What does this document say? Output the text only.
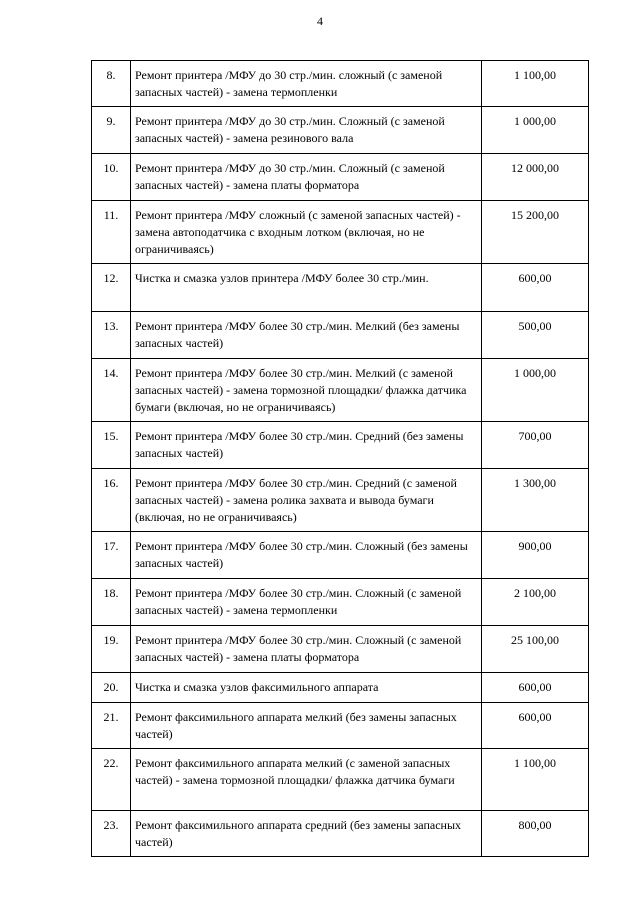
4
8.	Ремонт принтера /МФУ до 30 стр./мин. сложный (с заменой запасных частей) - замена термопленки	1 100,00
9.	Ремонт принтера /МФУ до 30 стр./мин. Сложный (с заменой запасных частей) - замена резинового вала	1 000,00
10.	Ремонт принтера /МФУ до 30 стр./мин. Сложный (с заменой запасных частей) - замена платы форматора	12 000,00
11.	Ремонт принтера /МФУ сложный (с заменой запасных частей) - замена автоподатчика с входным лотком (включая, но не ограничиваясь)	15 200,00
12.	Чистка и смазка узлов принтера /МФУ более 30 стр./мин.	600,00
13.	Ремонт принтера /МФУ более 30 стр./мин. Мелкий (без замены запасных частей)	500,00
14.	Ремонт принтера /МФУ более 30 стр./мин. Мелкий (с заменой запасных частей) - замена тормозной площадки/ флажка датчика бумаги (включая, но не ограничиваясь)	1 000,00
15.	Ремонт принтера /МФУ более 30 стр./мин. Средний (без замены запасных частей)	700,00
16.	Ремонт принтера /МФУ более 30 стр./мин. Средний (с заменой запасных частей) - замена ролика захвата и вывода бумаги (включая, но не ограничиваясь)	1 300,00
17.	Ремонт принтера /МФУ более 30 стр./мин. Сложный (без замены запасных частей)	900,00
18.	Ремонт принтера /МФУ более 30 стр./мин. Сложный (с заменой запасных частей) - замена термопленки	2 100,00
19.	Ремонт принтера /МФУ более 30 стр./мин. Сложный (с заменой запасных частей) - замена платы форматора	25 100,00
20.	Чистка и смазка узлов факсимильного аппарата	600,00
21.	Ремонт факсимильного аппарата мелкий (без замены запасных частей)	600,00
22.	Ремонт факсимильного аппарата мелкий (с заменой запасных частей) - замена тормозной площадки/ флажка датчика бумаги	1 100,00
23.	Ремонт факсимильного аппарата средний (без замены запасных частей)	800,00
